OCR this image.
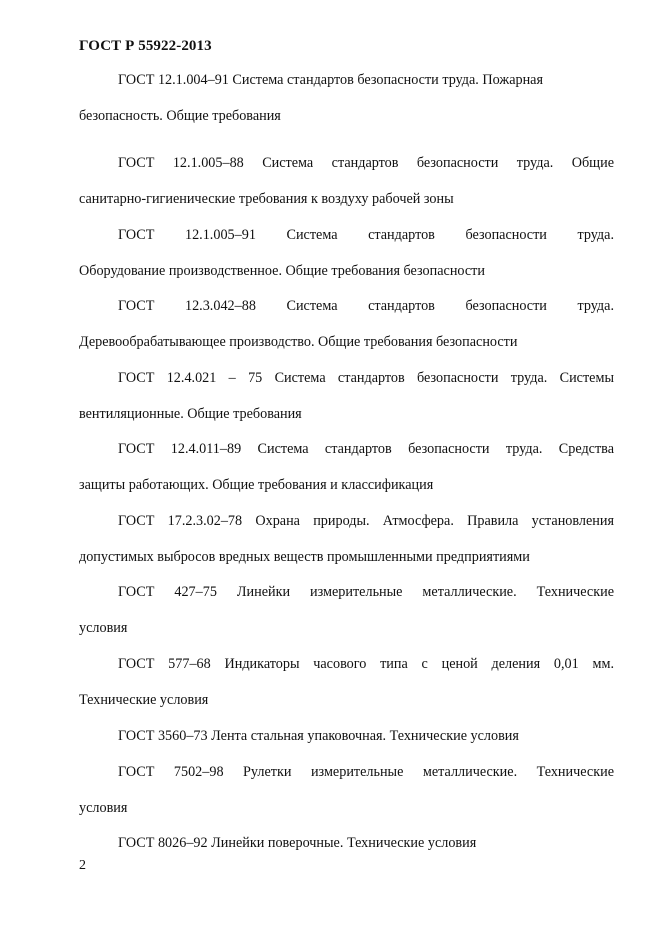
ГОСТ Р 55922-2013
ГОСТ 12.1.004–91 Система стандартов безопасности труда. Пожарная
безопасность. Общие требования
ГОСТ 12.1.005–88 Система стандартов безопасности труда. Общие
санитарно-гигиенические требования к воздуху рабочей зоны
ГОСТ 12.1.005–91 Система стандартов безопасности труда.
Оборудование производственное. Общие требования безопасности
ГОСТ 12.3.042–88 Система стандартов безопасности труда.
Деревообрабатывающее производство. Общие требования безопасности
ГОСТ 12.4.021 – 75 Система стандартов безопасности труда. Системы
вентиляционные. Общие требования
ГОСТ 12.4.011–89 Система стандартов безопасности труда. Средства
защиты работающих. Общие требования и классификация
ГОСТ 17.2.3.02–78 Охрана природы. Атмосфера. Правила установления
допустимых выбросов вредных веществ промышленными предприятиями
ГОСТ 427–75 Линейки измерительные металлические. Технические
условия
ГОСТ 577–68 Индикаторы часового типа с ценой деления 0,01 мм.
Технические условия
ГОСТ 3560–73 Лента стальная упаковочная. Технические условия
ГОСТ 7502–98 Рулетки измерительные металлические. Технические
условия
ГОСТ 8026–92 Линейки поверочные. Технические условия
2
